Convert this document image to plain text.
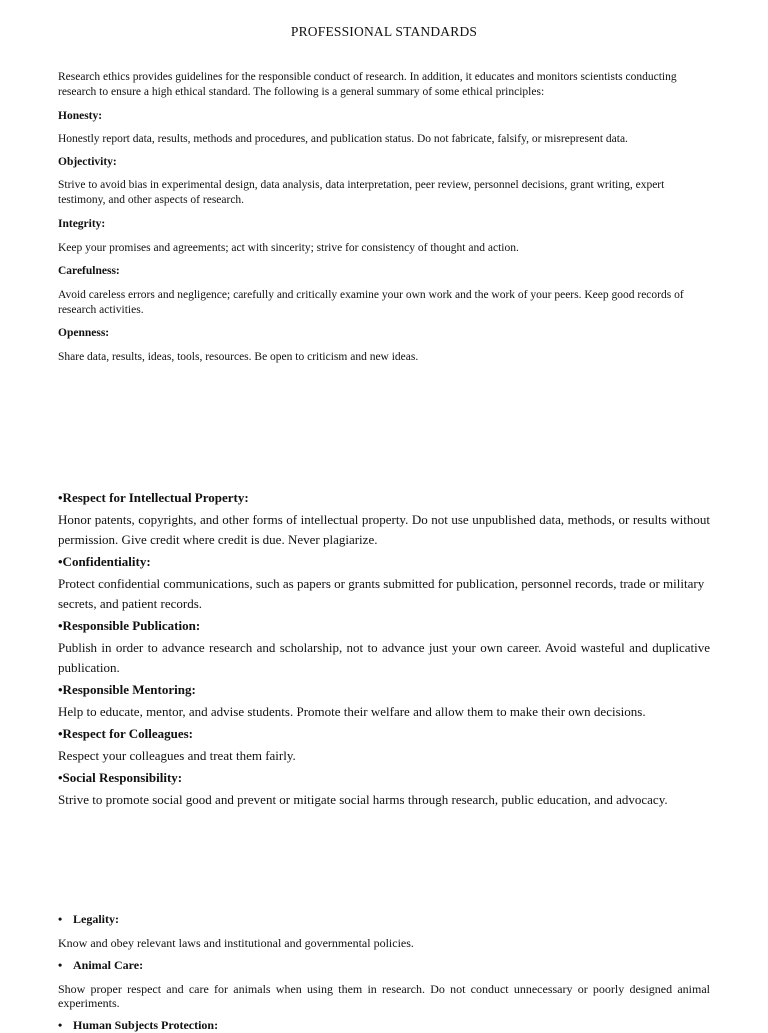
PROFESSIONAL STANDARDS
Research ethics provides guidelines for the responsible conduct of research. In addition, it educates and monitors scientists conducting research to ensure a high ethical standard. The following is a general summary of some ethical principles:
Honesty:
Honestly report data, results, methods and procedures, and publication status. Do not fabricate, falsify, or misrepresent data.
Objectivity:
Strive to avoid bias in experimental design, data analysis, data interpretation, peer review, personnel decisions, grant writing, expert testimony, and other aspects of research.
Integrity:
Keep your promises and agreements; act with sincerity; strive for consistency of thought and action.
Carefulness:
Avoid careless errors and negligence; carefully and critically examine your own work and the work of your peers. Keep good records of research activities.
Openness:
Share data, results, ideas, tools, resources. Be open to criticism and new ideas.
•Respect for Intellectual Property:
Honor patents, copyrights, and other forms of intellectual property. Do not use unpublished data, methods, or results without permission. Give credit where credit is due. Never plagiarize.
•Confidentiality:
Protect confidential communications, such as papers or grants submitted for publication, personnel records, trade or military secrets, and patient records.
•Responsible Publication:
Publish in order to advance research and scholarship, not to advance just your own career. Avoid wasteful and duplicative publication.
•Responsible Mentoring:
Help to educate, mentor, and advise students. Promote their welfare and allow them to make their own decisions.
•Respect for Colleagues:
Respect your colleagues and treat them fairly.
•Social Responsibility:
Strive to promote social good and prevent or mitigate social harms through research, public education, and advocacy.
• Legality:
Know and obey relevant laws and institutional and governmental policies.
• Animal Care:
Show proper respect and care for animals when using them in research. Do not conduct unnecessary or poorly designed animal experiments.
• Human Subjects Protection:
